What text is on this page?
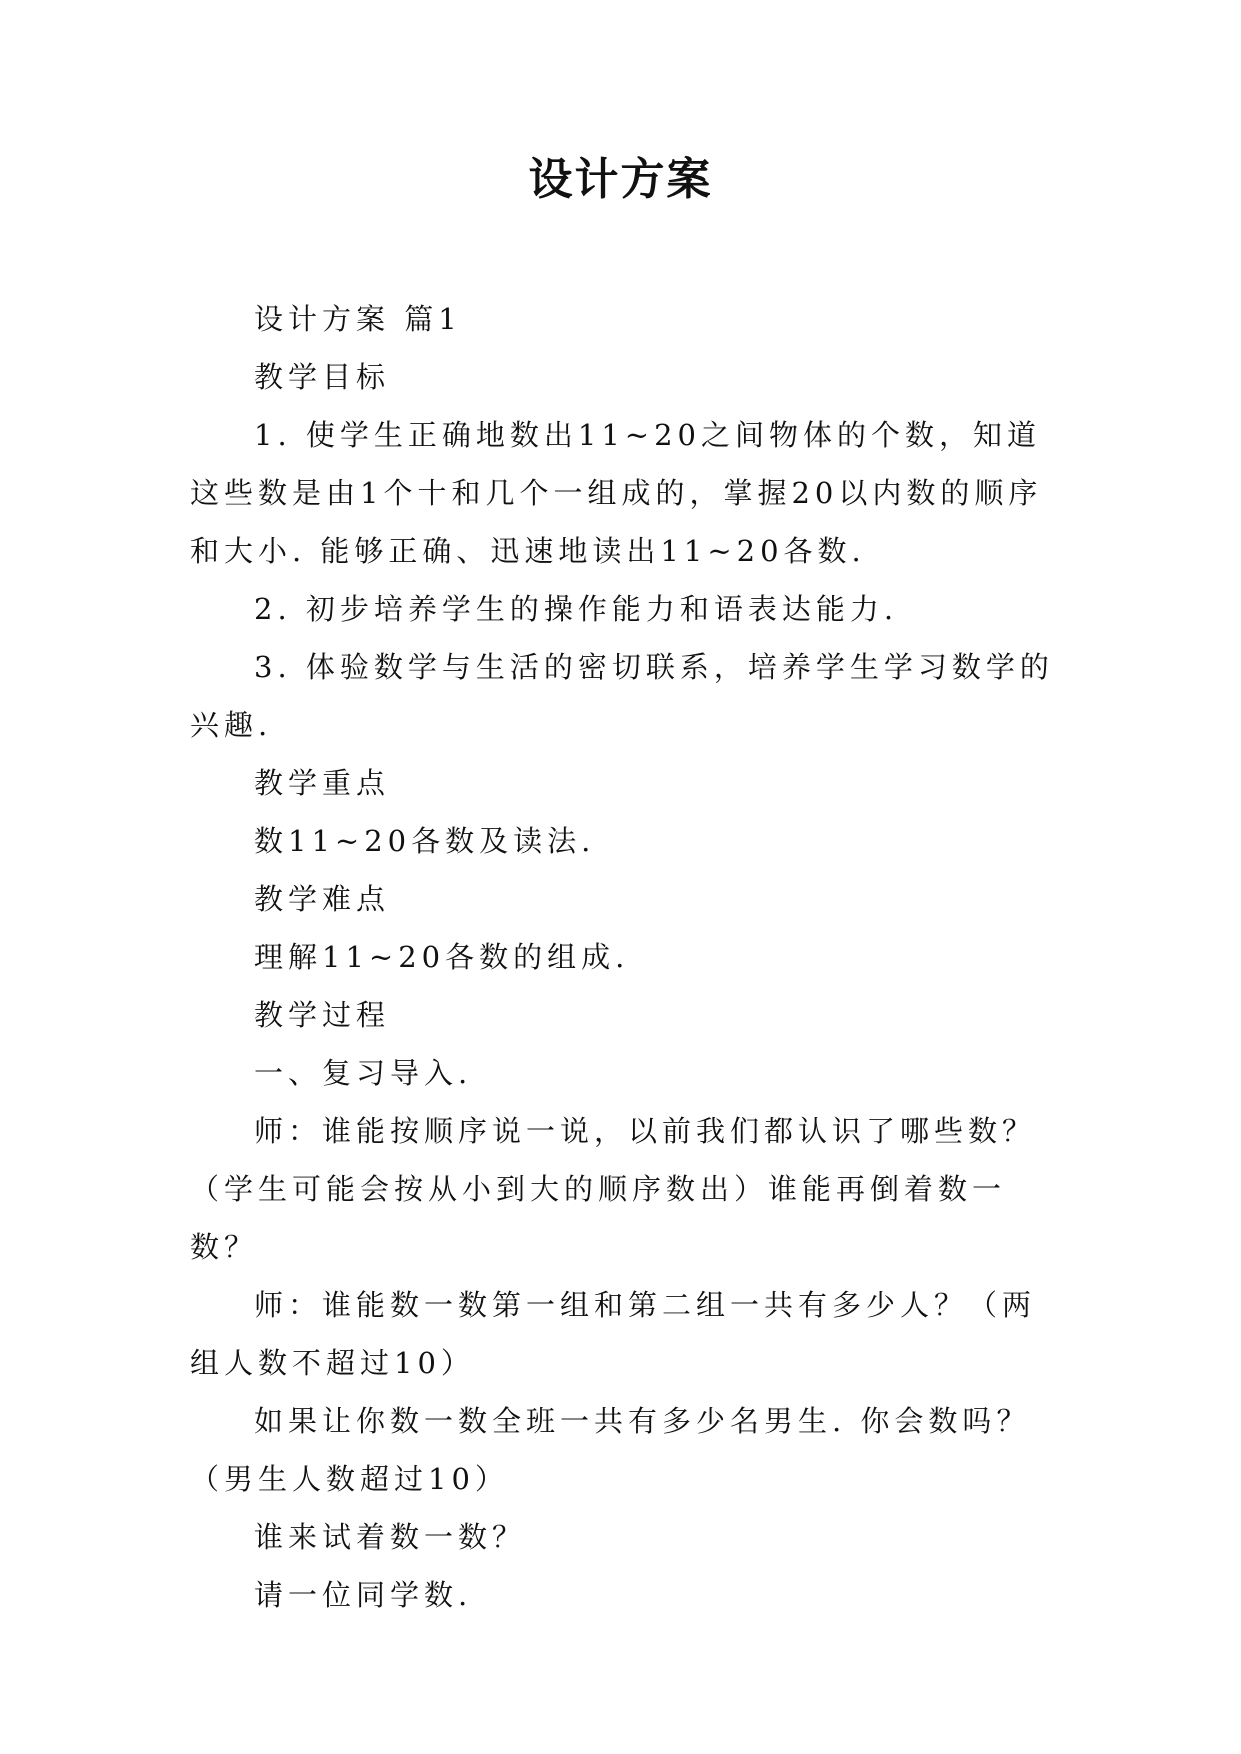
设计方案

设计方案 篇1

教学目标

1. 使学生正确地数出11~20之间物体的个数，知道这些数是由1个十和几个一组成的，掌握20以内数的顺序和大小. 能够正确、迅速地读出11~20各数.

2. 初步培养学生的操作能力和语表达能力.

3. 体验数学与生活的密切联系，培养学生学习数学的兴趣.

教学重点

数11~20各数及读法.

教学难点

理解11~20各数的组成.

教学过程

一、复习导入.

师：谁能按顺序说一说，以前我们都认识了哪些数？（学生可能会按从小到大的顺序数出）谁能再倒着数一数？

师：谁能数一数第一组和第二组一共有多少人？（两组人数不超过10）

如果让你数一数全班一共有多少名男生. 你会数吗？（男生人数超过10）

谁来试着数一数？

请一位同学数.
